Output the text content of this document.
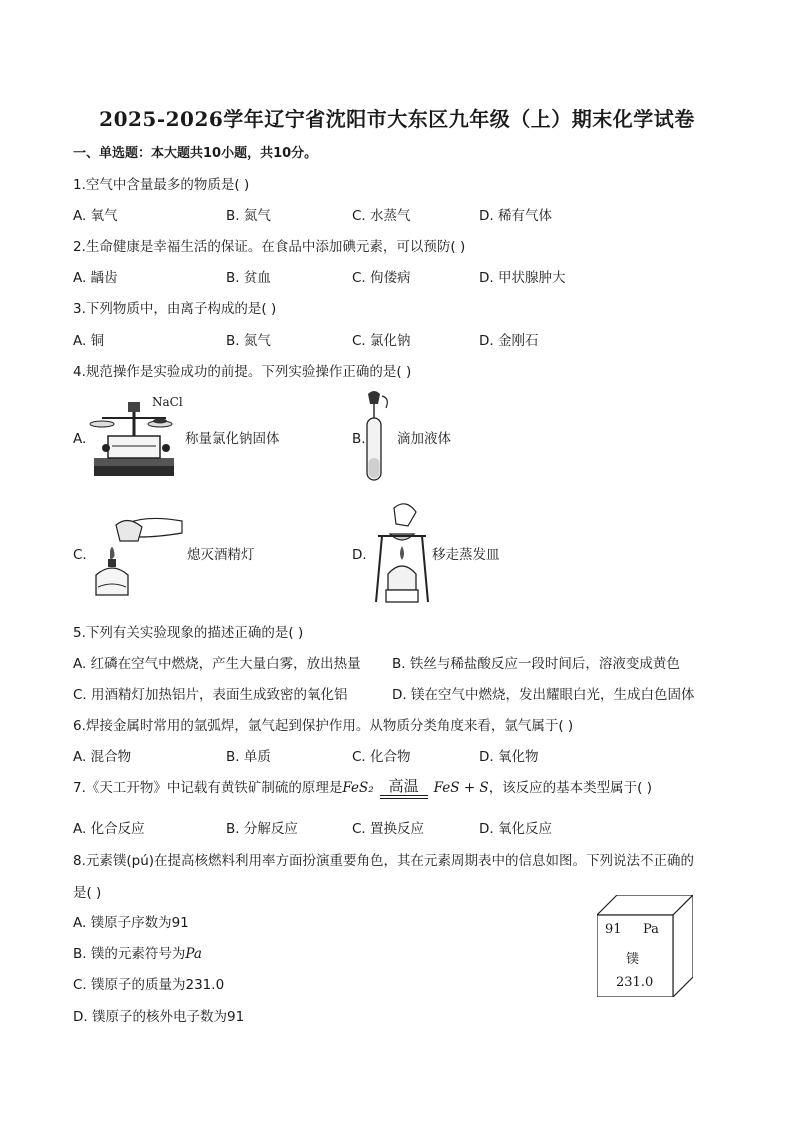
2025-2026学年辽宁省沈阳市大东区九年级（上）期末化学试卷
一、单选题：本大题共10小题，共10分。
1.空气中含量最多的物质是( )
A. 氧气	B. 氮气	C. 水蒸气	D. 稀有气体
2.生命健康是幸福生活的保证。在食品中添加碘元素，可以预防( )
A. 龋齿	B. 贫血	C. 佝偻病	D. 甲状腺肿大
3.下列物质中，由离子构成的是( )
A. 铜	B. 氮气	C. 氯化钠	D. 金刚石
4.规范操作是实验成功的前提。下列实验操作正确的是( )
A.
NaCl
称量氯化钠固体	B. 滴加液体
C.	熄灭酒精灯	D.	移走蒸发皿
5.下列有关实验现象的描述正确的是( )
A. 红磷在空气中燃烧，产生大量白雾，放出热量 B. 铁丝与稀盐酸反应一段时间后，溶液变成黄色
C. 用酒精灯加热铝片，表面生成致密的氧化铝	D. 镁在空气中燃烧，发出耀眼白光，生成白色固体
6.焊接金属时常用的氩弧焊，氩气起到保护作用。从物质分类角度来看，氩气属于( )
A. 混合物	B. 单质	C. 化合物	D. 氧化物
7.《天工开物》中记载有黄铁矿制硫的原理是FeS₂ 高温	FeS + S，该反应的基本类型属于( )
A. 化合反应	B. 分解反应	C. 置换反应	D. 氧化反应
8.元素镤(pú)在提高核燃料利用率方面扮演重要角色，其在元素周期表中的信息如图。下列说法不正确的
是( )
A. 镤原子序数为91
B. 镤的元素符号为Pa
C. 镤原子的质量为231.0
D. 镤原子的核外电子数为91
91 Pa
镤
231.0
